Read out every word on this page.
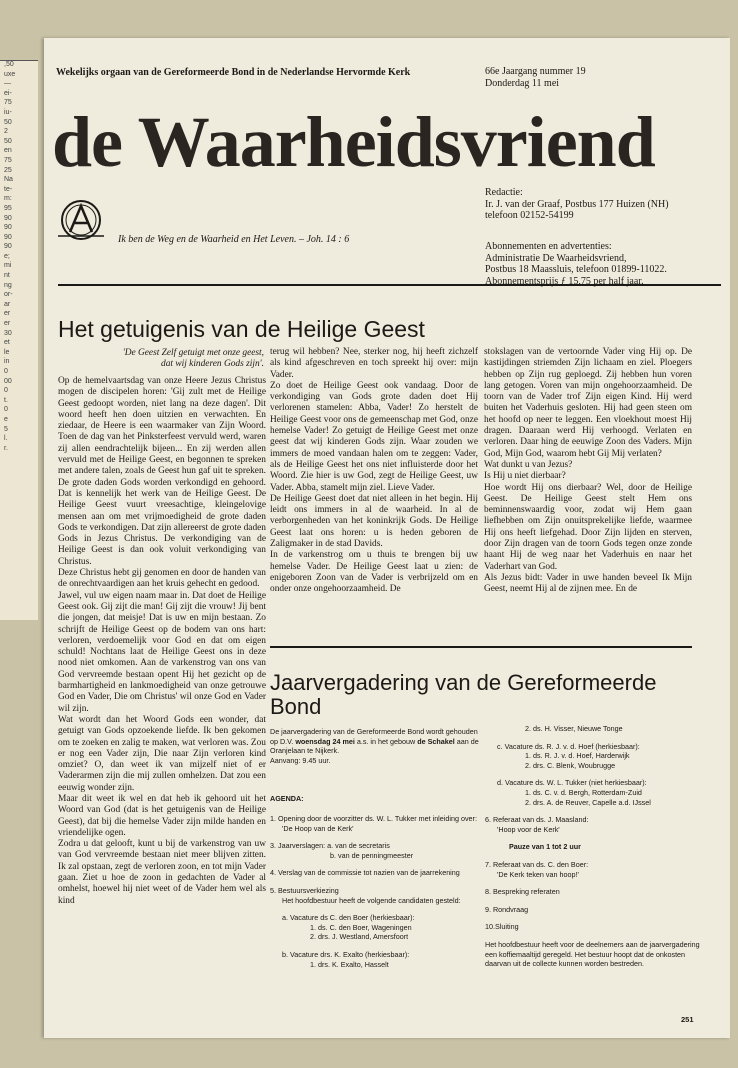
,50
uxe
—
ei-
75
iu-
50
2
50
en
75
25
Na
te-
m:
95
90
90
90
90
e;
mi
nt
ng
or-
ar
er
er
30
et
le
in
0
00
0
t.
0
e
5
l.
r.
Wekelijks orgaan van de Gereformeerde Bond in de Nederlandse Hervormde Kerk	66e Jaargang nummer 19
Donderdag 11 mei
de Waarheidsvriend
Ik ben de Weg en de Waarheid en Het Leven. – Joh. 14 : 6
Redactie:
Ir. J. van der Graaf, Postbus 177 Huizen (NH)
telefoon 02152-54199
Abonnementen en advertenties:
Administratie De Waarheidsvriend,
Postbus 18 Maassluis, telefoon 01899-11022.
Abonnementsprijs ƒ 15,75 per half jaar.
Het getuigenis van de Heilige Geest
'De Geest Zelf getuigt met onze geest,
dat wij kinderen Gods zijn'.

Op de hemelvaartsdag van onze Heere Jezus Christus mogen de discipelen horen: 'Gij zult met de Heilige Geest gedoopt worden, niet lang na deze dagen'. Dit woord heeft hen doen uitzien en verwachten. En ziedaar, de Heere is een waarmaker van Zijn Woord. Toen de dag van het Pinksterfeest vervuld werd, waren zij allen eendrachtelijk bijeen... En zij werden allen vervuld met de Heilige Geest, en begonnen te spreken met andere talen, zoals de Geest hun gaf uit te spreken. De grote daden Gods worden verkondigd en gehoord. Dat is kennelijk het werk van de Heilige Geest. De Heilige Geest vuurt vreesachtige, kleingelovige mensen aan om met vrijmoedigheid de grote daden Gods te verkondigen. Dat zijn allereerst de grote daden Gods in Jezus Christus. De verkondiging van de Heilige Geest is dan ook voluit verkondiging van Christus.

Deze Christus hebt gij genomen en door de handen van de onrechtvaardigen aan het kruis gehecht en gedood.

Jawel, vul uw eigen naam maar in. Dat doet de Heilige Geest ook. Gij zijt die man! Gij zijt die vrouw! Jij bent die jongen, dat meisje! Dat is uw en mijn bestaan. Zo schrijft de Heilige Geest op de bodem van ons hart: verloren, verdoemelijk voor God en dat om eigen schuld! Nochtans laat de Heilige Geest ons in deze nood niet omkomen. Aan de varkenstrog van ons van God vervreemde bestaan opent Hij het gezicht op de barmhartigheid en lankmoedigheid van onze getrouwe God en Vader, Die om Christus' wil onze God en Vader wil zijn.

Wat wordt dan het Woord Gods een wonder, dat getuigt van Gods opzoekende liefde. Ik ben gekomen om te zoeken en zalig te maken, wat verloren was. Zou er nog een Vader zijn, Die naar Zijn verloren kind omziet? O, dan weet ik van mijzelf niet of er Vaderarmen zijn die mij zullen omhelzen. Dat zou een eeuwig wonder zijn.

Maar dit weet ik wel en dat heb ik gehoord uit het Woord van God (dat is het getuigenis van de Heilige Geest), dat bij die hemelse Vader zijn milde handen en vriendelijke ogen.

Zodra u dat gelooft, kunt u bij de varkenstrog van uw van God vervreemde bestaan niet meer blijven zitten. Ik zal opstaan, zegt de verloren zoon, en tot mijn Vader gaan. Ziet u hoe de zoon in gedachten de Vader al omhelst, hoewel hij niet weet of de Vader hem wel als kind

terug wil hebben? Nee, sterker nog, hij heeft zichzelf als kind afgeschreven en toch spreekt hij over: mijn Vader.

Zo doet de Heilige Geest ook vandaag. Door de verkondiging van Gods grote daden doet Hij verlorenen stamelen: Abba, Vader! Zo herstelt de Heilige Geest voor ons de gemeenschap met God, onze hemelse Vader! Zo getuigt de Heilige Geest met onze geest dat wij kinderen Gods zijn. Waar zouden we immers de moed vandaan halen om te zeggen: Vader, als de Heilige Geest het ons niet influisterde door het Woord. Zie hier is uw God, zegt de Heilige Geest, uw Vader. Abba, stamelt mijn ziel. Lieve Vader.

De Heilige Geest doet dat niet alleen in het begin. Hij leidt ons immers in al de waarheid. In al de verborgenheden van het koninkrijk Gods. De Heilige Geest laat ons horen: u is heden geboren de Zaligmaker in de stad Davids.

In de varkenstrog om u thuis te brengen bij uw hemelse Vader. De Heilige Geest laat u zien: de enigeboren Zoon van de Vader is verbrijzeld om en onder onze ongehoorzaamheid. De

stokslagen van de vertoornde Vader ving Hij op. De kastijdingen striemden Zijn lichaam en ziel. Ploegers hebben op Zijn rug geploegd. Zij hebben hun voren lang getogen. Voren van mijn ongehoorzaamheid. De toorn van de Vader trof Zijn eigen Kind. Hij werd buiten het Vaderhuis gesloten. Hij had geen steen om het hoofd op neer te leggen. Een vloekhout moest Hij dragen. Daaraan werd Hij verhoogd. Verlaten en verloren. Daar hing de eeuwige Zoon des Vaders. Mijn God, Mijn God, waarom hebt Gij Mij verlaten?

Wat dunkt u van Jezus?

Is Hij u niet dierbaar?

Hoe wordt Hij ons dierbaar? Wel, door de Heilige Geest. De Heilige Geest stelt Hem ons beminnenswaardig voor, zodat wij Hem gaan liefhebben om Zijn onuitsprekelijke liefde, waarmee Hij ons heeft liefgehad. Door Zijn lijden en sterven, door Zijn dragen van de toorn Gods tegen onze zonde haant Hij de weg naar het Vaderhuis en naar het Vaderhart van God.

Als Jezus bidt: Vader in uwe handen beveel Ik Mijn Geest, neemt Hij al de zijnen mee. En de

Jaarvergadering van de Gereformeerde Bond
De jaarvergadering van de Gereformeerde Bond wordt gehouden op D.V. woensdag 24 mei a.s. in het gebouw de Schakel aan de Oranjelaan te Nijkerk.
Aanvang: 9.45 uur.
AGENDA:
1. Opening door de voorzitter ds. W. L. Tukker met inleiding over:
'De Hoop van de Kerk'
3. Jaarverslagen: a. van de secretaris
b. van de penningmeester
4. Verslag van de commissie tot nazien van de jaarrekening
5. Bestuursverkiezing
Het hoofdbestuur heeft de volgende candidaten gesteld:
a. Vacature ds C. den Boer (herkiesbaar):
1. ds. C. den Boer, Wageningen
2. drs. J. Westland, Amersfoort
b. Vacature drs. K. Exalto (herkiesbaar):
1. drs. K. Exalto, Hasselt
2. ds. H. Visser, Nieuwe Tonge
c. Vacature ds. R. J. v. d. Hoef (herkiesbaar):
1. ds. R. J. v. d. Hoef, Harderwijk
2. drs. C. Blenk, Woubrugge
d. Vacature ds. W. L. Tukker (niet herkiesbaar):
1. ds. C. v. d. Bergh, Rotterdam-Zuid
2. drs. A. de Reuver, Capelle a.d. IJssel
6. Referaat van ds. J. Maasland:
'Hoop voor de Kerk'
Pauze van 1 tot 2 uur
7. Referaat van ds. C. den Boer:
'De Kerk teken van hoop!'
8. Bespreking referaten
9. Rondvraag
10.Sluiting
Het hoofdbestuur heeft voor de deelnemers aan de jaarvergadering een koffiemaaltijd geregeld. Het bestuur hoopt dat de onkosten daarvan uit de collecte kunnen worden bestreden.
251
